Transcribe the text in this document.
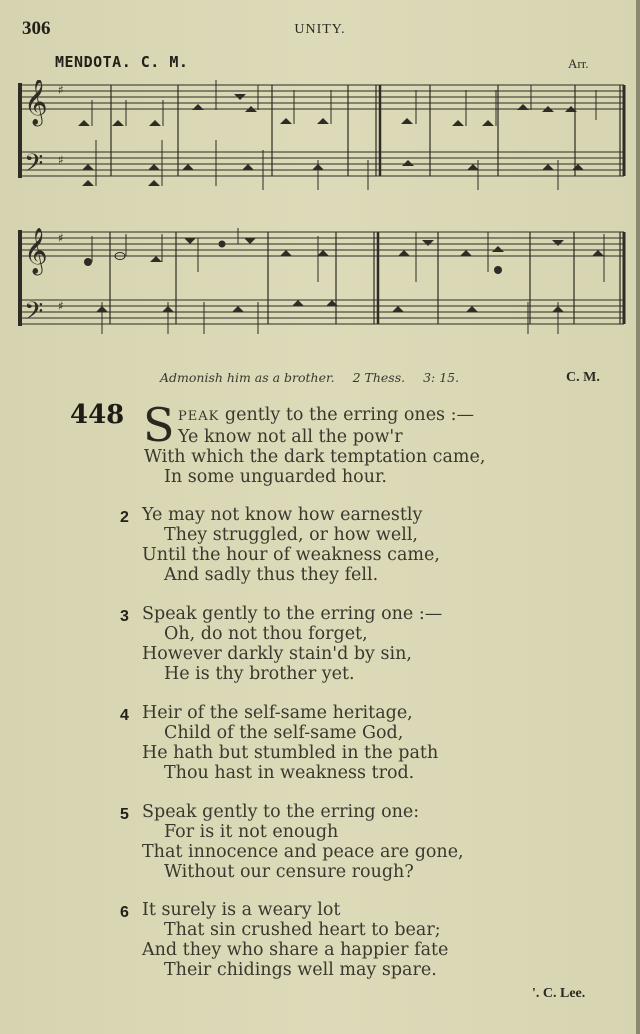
306	UNITY.
MENDOTA. C. M.	Arr.
𝄞
𝄢
♯
♯
𝄞
𝄢
♯
♯
Admonish him as a brother. 2 Thess. 3: 15.	C. M.
448 S PEAK gently to the erring ones :—
Ye know not all the pow'r
With which the dark temptation came,
In some unguarded hour.
2 Ye may not know how earnestly
They struggled, or how well,
Until the hour of weakness came,
And sadly thus they fell.
3 Speak gently to the erring one :—
Oh, do not thou forget,
However darkly stain'd by sin,
He is thy brother yet.
4 Heir of the self-same heritage,
Child of the self-same God,
He hath but stumbled in the path
Thou hast in weakness trod.
5 Speak gently to the erring one:
For is it not enough
That innocence and peace are gone,
Without our censure rough?
6 It surely is a weary lot
That sin crushed heart to bear;
And they who share a happier fate
Their chidings well may spare.
'. C. Lee.
